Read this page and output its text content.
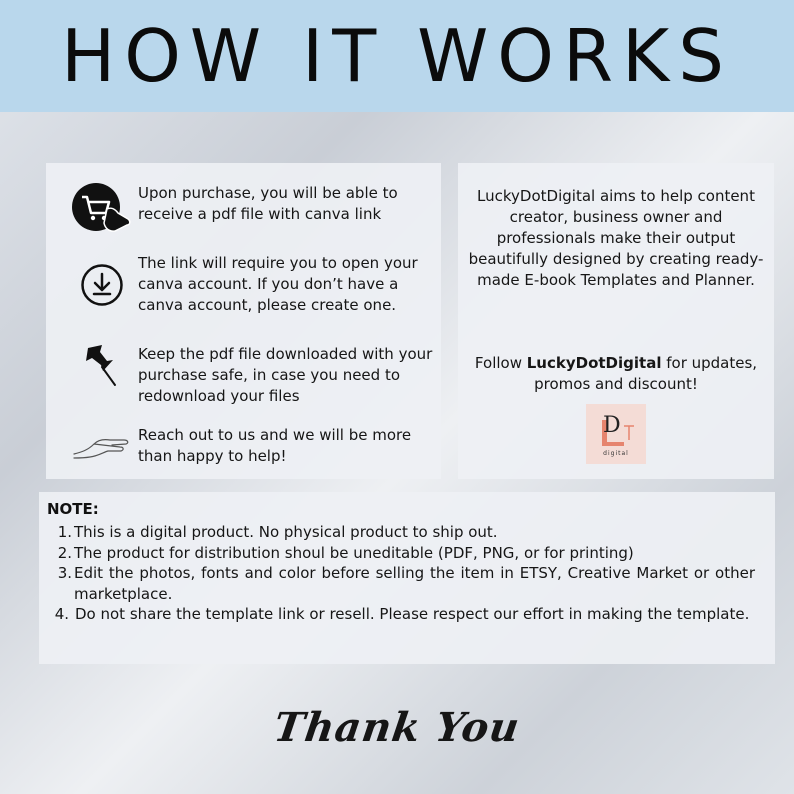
HOW IT WORKS
Upon purchase, you will be able to receive a pdf file with canva link
The link will require you to open your canva account. If you don’t have a canva account, please create one.
Keep the pdf file downloaded with your purchase safe, in case you need to redownload your files
Reach out to us and we will be more than happy to help!
LuckyDotDigital aims to help content creator, business owner and professionals make their output beautifully designed by creating ready-made E-book Templates and Planner.
Follow LuckyDotDigital for updates, promos and discount!
D
digital
NOTE:
1. This is a digital product. No physical product to ship out.
2. The product for distribution shoul be uneditable (PDF, PNG, or for printing)
3. Edit the photos, fonts and color before selling the item in ETSY, Creative Market or other marketplace.
4. Do not share the template link or resell. Please respect our effort in making the template.
Thank You
